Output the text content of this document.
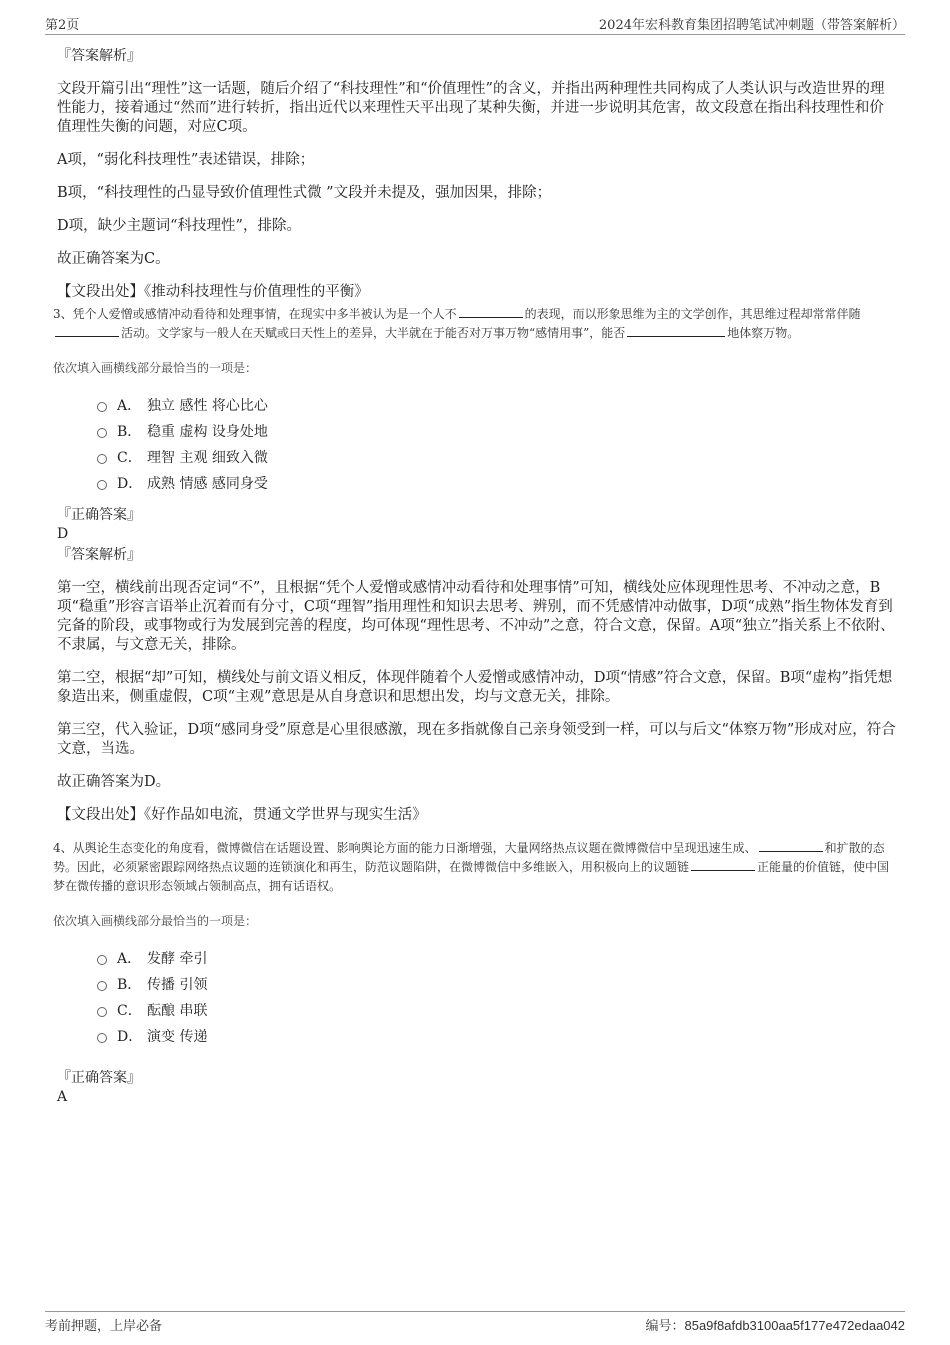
第2页	2024年宏科教育集团招聘笔试冲刺题（带答案解析）

『答案解析』

文段开篇引出“理性”这一话题，随后介绍了“科技理性”和“价值理性”的含义，并指出两种理性共同构成了人类认识与改造世界的理性能力，接着通过“然而”进行转折，指出近代以来理性天平出现了某种失衡，并进一步说明其危害，故文段意在指出科技理性和价值理性失衡的问题，对应C项。

A项，“弱化科技理性”表述错误，排除；

B项，“科技理性的凸显导致价值理性式微 ”文段并未提及，强加因果，排除；

D项，缺少主题词“科技理性”，排除。

故正确答案为C。

【文段出处】《推动科技理性与价值理性的平衡》

3、凭个人爱憎或感情冲动看待和处理事情，在现实中多半被认为是一个人不	的表现，而以形象思维为主的文学创作，其思维过程却常常伴随活动。文学家与一般人在天赋或曰天性上的差异，大半就在于能否对万事万物“感情用事”，能否	地体察万物。

依次填入画横线部分最恰当的一项是：

A． 独立 感性 将心比心
B． 稳重 虚构 设身处地
C． 理智 主观 细致入微
D． 成熟 情感 感同身受

『正确答案』

D

『答案解析』

第一空，横线前出现否定词“不”，且根据“凭个人爱憎或感情冲动看待和处理事情”可知，横线处应体现理性思考、不冲动之意，B项“稳重”形容言语举止沉着而有分寸，C项“理智”指用理性和知识去思考、辨别，而不凭感情冲动做事，D项“成熟”指生物体发育到完备的阶段，或事物或行为发展到完善的程度，均可体现“理性思考、不冲动”之意，符合文意，保留。A项“独立”指关系上不依附、不隶属，与文意无关，排除。

第二空，根据“却”可知，横线处与前文语义相反，体现伴随着个人爱憎或感情冲动，D项“情感”符合文意，保留。B项“虚构”指凭想象造出来，侧重虚假，C项“主观”意思是从自身意识和思想出发，均与文意无关，排除。

第三空，代入验证，D项“感同身受”原意是心里很感激，现在多指就像自己亲身领受到一样，可以与后文“体察万物”形成对应，符合文意，当选。

故正确答案为D。

【文段出处】《好作品如电流，贯通文学世界与现实生活》

4、从舆论生态变化的角度看，微博微信在话题设置、影响舆论方面的能力日渐增强，大量网络热点议题在微博微信中呈现迅速生成、	和扩散的态势。因此，必须紧密跟踪网络热点议题的连锁演化和再生，防范议题陷阱，在微博微信中多维嵌入，用积极向上的议题链	正能量的价值链，使中国梦在微传播的意识形态领域占领制高点，拥有话语权。

依次填入画横线部分最恰当的一项是：

A． 发酵 牵引
B． 传播 引领
C． 酝酿 串联
D． 演变 传递

『正确答案』

A

考前押题，上岸必备	编号：85a9f8afdb3100aa5f177e472edaa042
